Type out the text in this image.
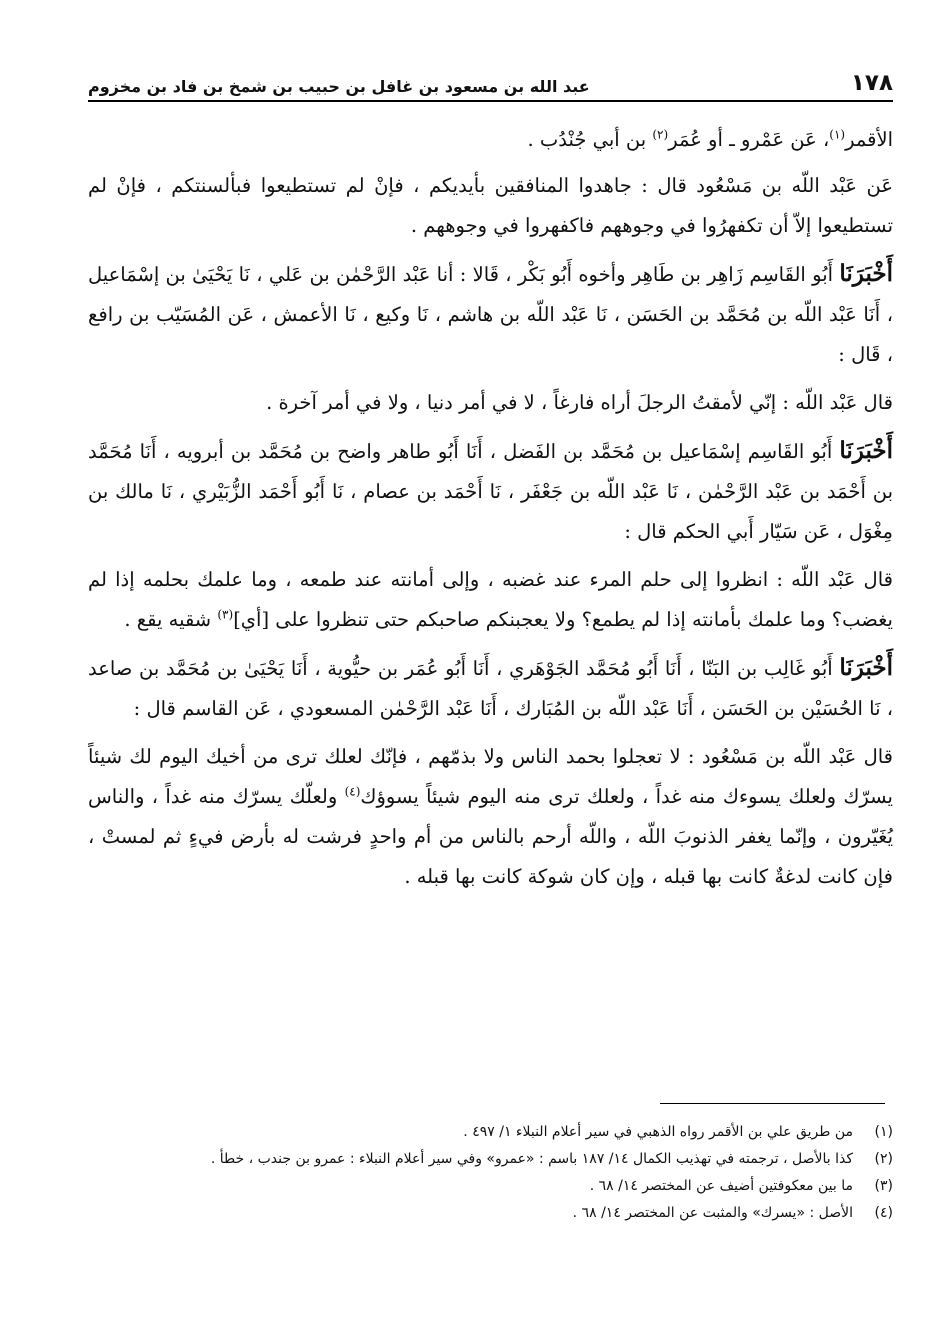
١٧٨
عبد الله بن مسعود بن غافل بن حبيب بن شمخ بن فاد بن مخزوم

الأقمر$^{(١)}$، عَن عَمْرو ـ أو عُمَر$^{(٢)}$ بن أبي جُنْدُب .

عَن عَبْد اللّه بن مَسْعُود قال : جاهدوا المنافقين بأيديكم ، فإنْ لم تستطيعوا فبألسنتكم ، فإنْ لم تستطيعوا إلاّ أن تكفهرُوا في وجوههم فاكفهروا في وجوههم .

أَخْبَرَنَا أَبُو القَاسِم زَاهِر بن طَاهِر وأخوه أَبُو بَكْر ، قَالا : أنا عَبْد الرَّحْمٰن بن عَلي ، نَا يَحْيَىٰ بن إسْمَاعيل ، أَنَا عَبْد اللّه بن مُحَمَّد بن الحَسَن ، نَا عَبْد اللّه بن هاشم ، نَا وكيع ، نَا الأعمش ، عَن المُسَيّب بن رافع ، قَال :

قال عَبْد اللّه : إنّي لأمقتُ الرجلَ أراه فارغاً ، لا في أمر دنيا ، ولا في أمر آخرة .

أَخْبَرَنَا أَبُو القَاسِم إسْمَاعيل بن مُحَمَّد بن الفَضل ، أَنَا أَبُو طاهر واضح بن مُحَمَّد بن أبرويه ، أَنَا مُحَمَّد بن أَحْمَد بن عَبْد الرَّحْمٰن ، نَا عَبْد اللّه بن جَعْفَر ، نَا أَحْمَد بن عصام ، نَا أَبُو أَحْمَد الزُّبَيْري ، نَا مالك بن مِغْوَل ، عَن سَيّار أَبي الحكم قال :

قال عَبْد اللّه : انظروا إلى حلم المرء عند غضبه ، وإلى أمانته عند طمعه ، وما علمك بحلمه إذا لم يغضب؟ وما علمك بأمانته إذا لم يطمع؟ ولا يعجبنكم صاحبكم حتى تنظروا على [أي]$^{(٣)}$ شقيه يقع .

أَخْبَرَنَا أَبُو غَالِب بن البَنّا ، أَنَا أَبُو مُحَمَّد الجَوْهَري ، أَنَا أَبُو عُمَر بن حيُّوية ، أَنَا يَحْيَىٰ بن مُحَمَّد بن صاعد ، نَا الحُسَيْن بن الحَسَن ، أَنَا عَبْد اللّه بن المُبَارك ، أَنَا عَبْد الرَّحْمٰن المسعودي ، عَن القاسم قال :

قال عَبْد اللّه بن مَسْعُود : لا تعجلوا بحمد الناس ولا بذمّهم ، فإنّك لعلك ترى من أخيك اليوم لك شيئاً يسرّك ولعلك يسوءك منه غداً ، ولعلك ترى منه اليوم شيئاً يسوؤك$^{(٤)}$ ولعلّك يسرّك منه غداً ، والناس يُغَيّرون ، وإنّما يغفر الذنوبَ اللّه ، واللّه أرحم بالناس من أم واحدٍ فرشت له بأرض فيءٍ ثم لمستْ ، فإن كانت لدغةٌ كانت بها قبله ، وإن كان شوكة كانت بها قبله .

(١)
من طريق علي بن الأقمر رواه الذهبي في سير أعلام النبلاء ١/ ٤٩٧ .
(٢)
كذا بالأصل ، ترجمته في تهذيب الكمال ١٤/ ١٨٧ باسم : «عمرو» وفي سير أعلام النبلاء : عمرو بن جندب ، خطأ .
(٣)
ما بين معكوفتين أضيف عن المختصر ١٤/ ٦٨ .
(٤)
الأصل : «يسرك» والمثبت عن المختصر ١٤/ ٦٨ .
